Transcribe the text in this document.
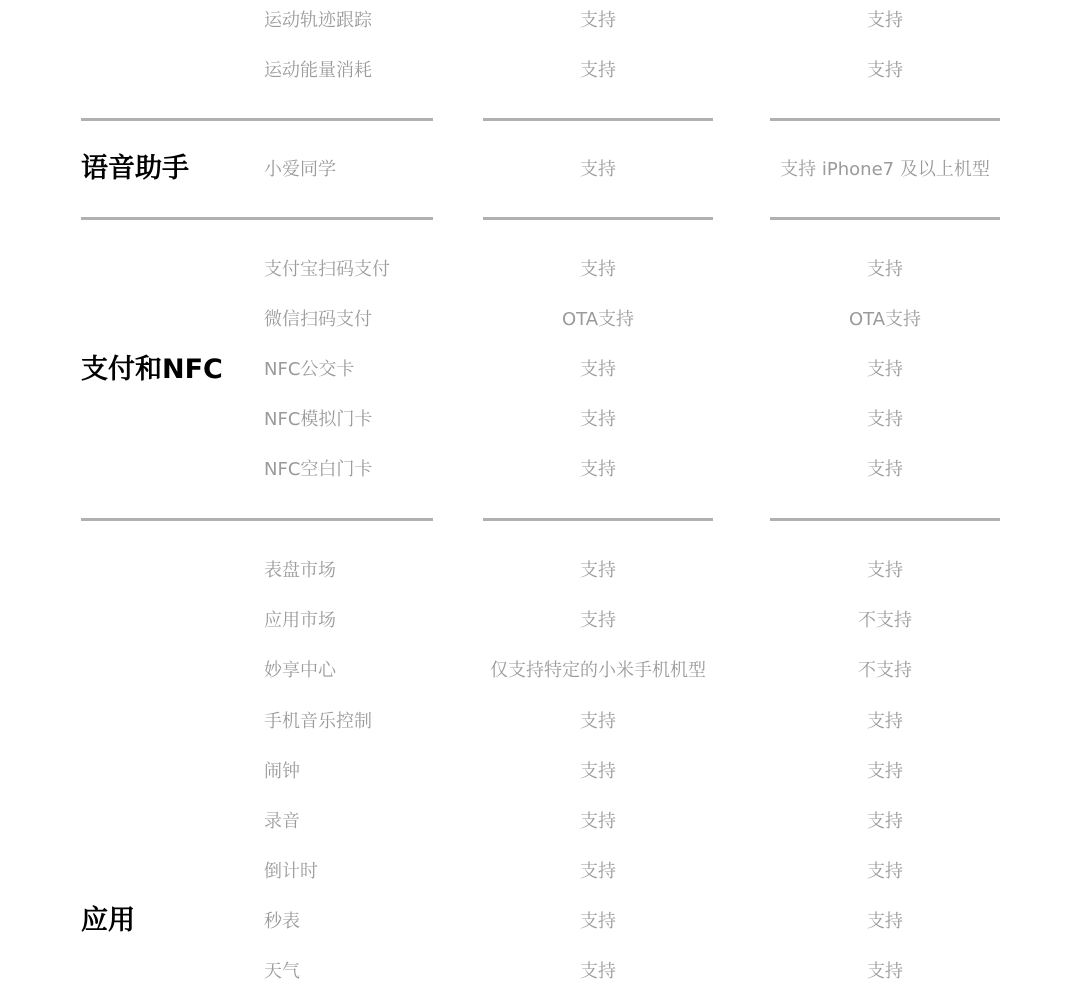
运动轨迹跟踪	支持	支持
运动能量消耗	支持	支持
语音助手	小爱同学	支持	支持 iPhone7 及以上机型
支付和NFC
支付宝扫码支付	支持	支持
微信扫码支付	OTA支持	OTA支持
NFC公交卡	支持	支持
NFC模拟门卡	支持	支持
NFC空白门卡	支持	支持
应用
表盘市场	支持	支持
应用市场	支持	不支持
妙享中心	仅支持特定的小米手机机型	不支持
手机音乐控制	支持	支持
闹钟	支持	支持
录音	支持	支持
倒计时	支持	支持
秒表	支持	支持
天气	支持	支持
